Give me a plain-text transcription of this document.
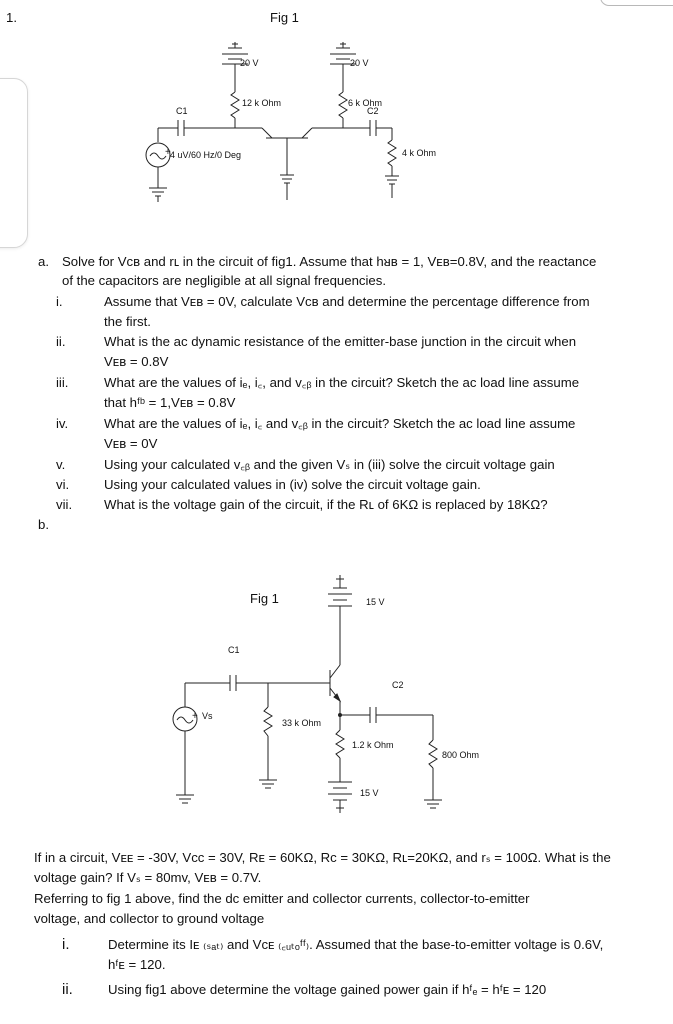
1.
+
Fig 1
20 V	20 V
12 k Ohm	6 k Ohm
C1	C2
4 uV/60 Hz/0 Deg	4 k Ohm
a. Solve for Vᴄʙ and rʟ in the circuit of fig1. Assume that hᴚʙ = 1, Vᴇʙ=0.8V, and the reactance
of the capacitors are negligible at all signal frequencies.
i.	Assume that Vᴇʙ = 0V, calculate Vᴄʙ and determine the percentage difference from
the first.
ii.	What is the ac dynamic resistance of the emitter-base junction in the circuit when
Vᴇʙ = 0.8V
iii.	What are the values of iₑ, i꜀, and v꜀ᵦ in the circuit? Sketch the ac load line assume
that hᶠᵇ = 1,Vᴇʙ = 0.8V
iv.	What are the values of iₑ, i꜀ and v꜀ᵦ in the circuit? Sketch the ac load line assume
Vᴇʙ = 0V
v.	Using your calculated v꜀ᵦ and the given Vₛ in (iii) solve the circuit voltage gain
vi.	Using your calculated values in (iv) solve the circuit voltage gain.
vii. What is the voltage gain of the circuit, if the Rʟ of 6KΩ is replaced by 18KΩ?
b.
+
Fig 1	15 V
C1
C2
Vs
33 k Ohm
1.2 k Ohm
800 Ohm
15 V
If in a circuit, Vᴇᴇ = -30V, Vᴄᴄ = 30V, Rᴇ = 60KΩ, Rᴄ = 30KΩ, Rʟ=20KΩ, and rₛ = 100Ω. What is the
voltage gain? If Vₛ = 80mv, Vᴇʙ = 0.7V.
Referring to fig 1 above, find the dc emitter and collector currents, collector-to-emitter
voltage, and collector to ground voltage
i.	Determine its Iᴇ ₍ₛₐₜ₎ and Vᴄᴇ ₍꜀ᵤₜₒᶠᶠ₎. Assumed that the base-to-emitter voltage is 0.6V,
hᶠᴇ = 120.
ii.	Using fig1 above determine the voltage gained power gain if hᶠₑ = hᶠᴇ = 120
